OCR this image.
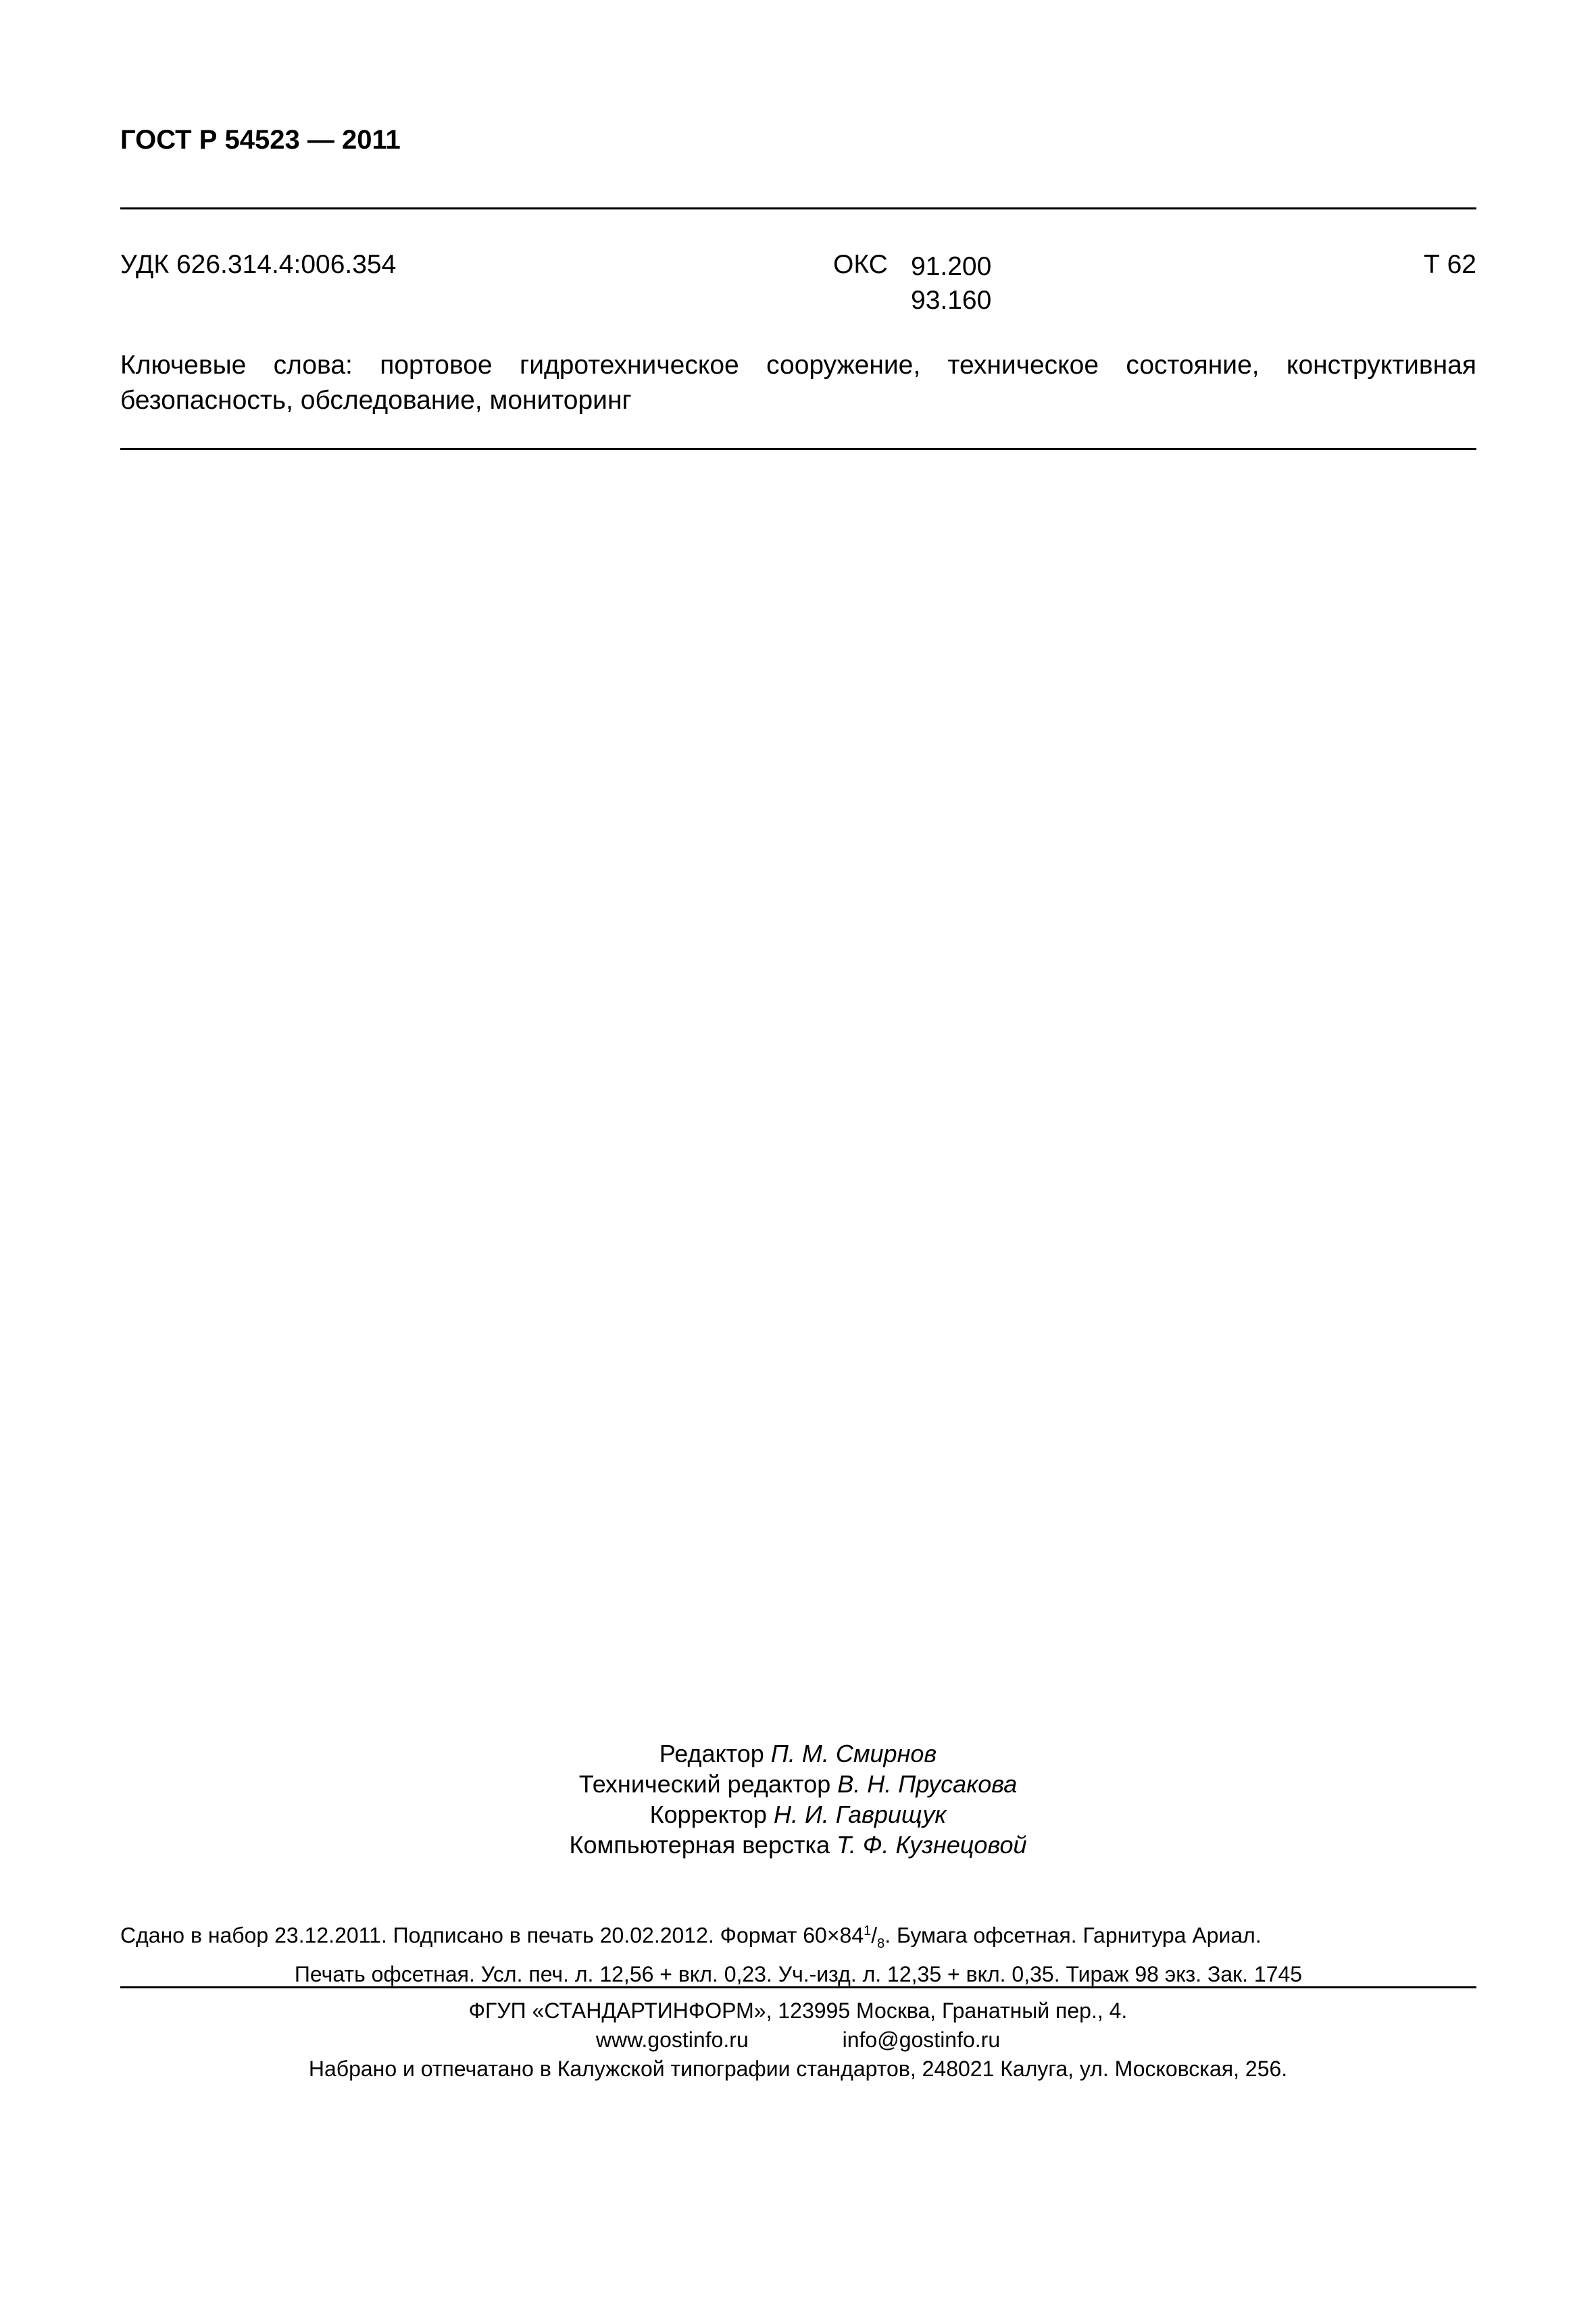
ГОСТ Р 54523 — 2011
УДК 626.314.4:006.354	ОКС 91.200
93.160
Т 62
Ключевые слова: портовое гидротехническое сооружение, техническое состояние, конструктивная безопасность, обследование, мониторинг
Редактор П. М. Смирнов
Технический редактор В. Н. Прусакова
Корректор Н. И. Гаврищук
Компьютерная верстка Т. Ф. Кузнецовой
Сдано в набор 23.12.2011. Подписано в печать 20.02.2012. Формат $60\times 84^1/_8$. Бумага офсетная. Гарнитура Ариал.
Печать офсетная. Усл. печ. л. 12,56 + вкл. 0,23. Уч.-изд. л. 12,35 + вкл. 0,35. Тираж 98 экз. Зак. 1745
ФГУП «СТАНДАРТИНФОРМ», 123995 Москва, Гранатный пер., 4.
www.gostinfo.ru	info@gostinfo.ru
Набрано и отпечатано в Калужской типографии стандартов, 248021 Калуга, ул. Московская, 256.
